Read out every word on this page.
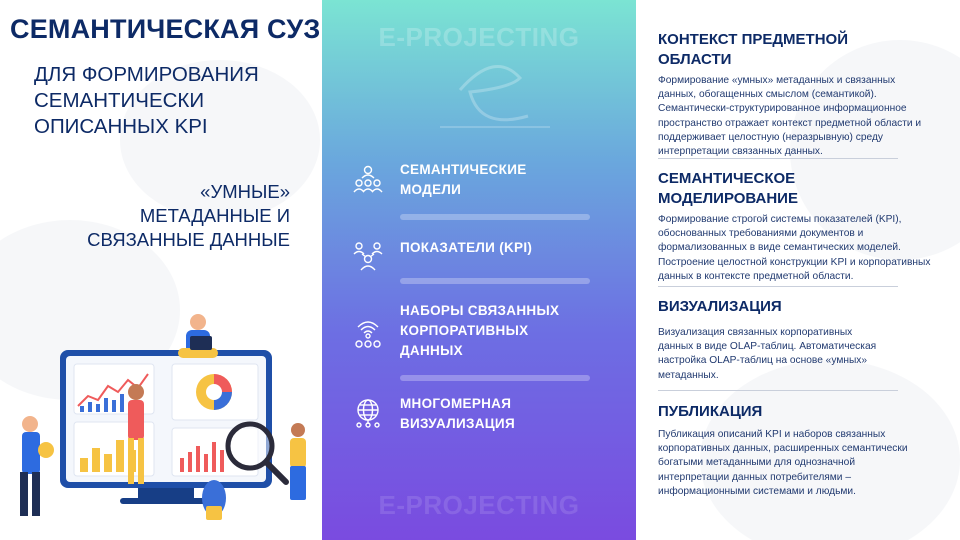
СЕМАНТИЧЕСКАЯ СУЗ
ДЛЯ ФОРМИРОВАНИЯ
СЕМАНТИЧЕСКИ
ОПИСАННЫХ KPI
«УМНЫЕ»
МЕТАДАННЫЕ И
СВЯЗАННЫЕ ДАННЫЕ
E-PROJECTING
E-PROJECTING
СЕМАНТИЧЕСКИЕ
МОДЕЛИ
ПОКАЗАТЕЛИ (KPI)
НАБОРЫ СВЯЗАННЫХ
КОРПОРАТИВНЫХ
ДАННЫХ
МНОГОМЕРНАЯ
ВИЗУАЛИЗАЦИЯ
КОНТЕКСТ ПРЕДМЕТНОЙ
ОБЛАСТИ
Формирование «умных» метаданных и связанных
данных, обогащенных смыслом (семантикой).
Семантически-структурированное информационное
пространство отражает контекст предметной области и
поддерживает целостную (неразрывную) среду
интерпретации связанных данных.
СЕМАНТИЧЕСКОЕ
МОДЕЛИРОВАНИЕ
Формирование строгой системы показателей (KPI),
обоснованных требованиями документов и
формализованных в виде семантических моделей.
Построение целостной конструкции KPI и корпоративных
данных в контексте предметной области.
ВИЗУАЛИЗАЦИЯ
Визуализация связанных корпоративных
данных в виде OLAP-таблиц. Автоматическая
настройка OLAP-таблиц на основе «умных»
метаданных.
ПУБЛИКАЦИЯ
Публикация описаний KPI и наборов связанных
корпоративных данных, расширенных семантически
богатыми метаданными для однозначной
интерпретации данных потребителями –
информационными системами и людьми.
